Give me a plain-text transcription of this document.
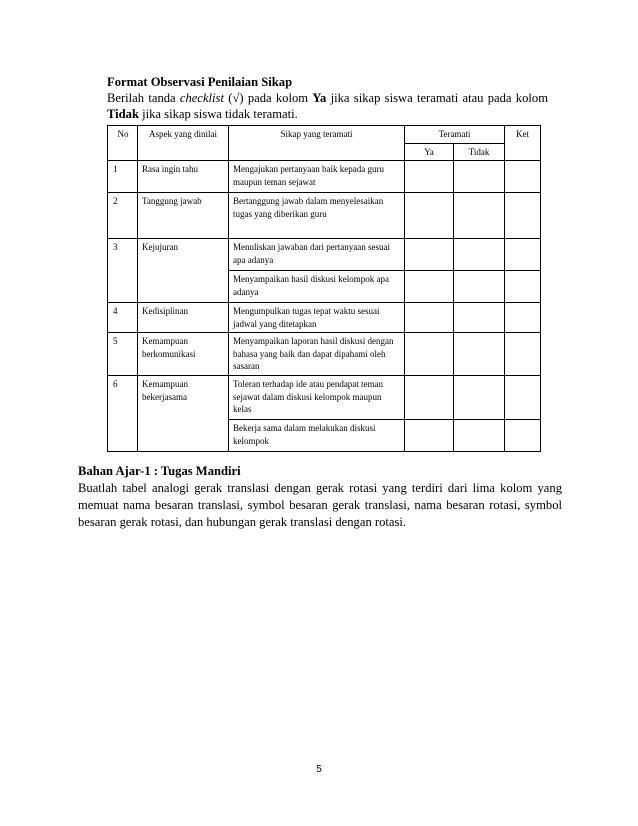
Format Observasi Penilaian Sikap
Berilah tanda checklist (√) pada kolom Ya jika sikap siswa teramati atau pada kolom
Tidak jika sikap siswa tidak teramati.
No	Aspek yang dinilai	Sikap yang teramati	Teramati		Ket
			Ya	Tidak	
1	Rasa ingin tahu	Mengajukan pertanyaan baik kepada guru maupun teman sejawat			
2	Tanggung jawab	Bertanggung jawab dalam menyelesaikan tugas yang diberikan guru			
3	Kejujuran	Menuliskan jawaban dari pertanyaan sesuai apa adanya			
		Menyampaikan hasil diskusi kelompok apa adanya			
4	Kedisiplinan	Mengumpulkan tugas tepat waktu sesuai jadwal yang ditetapkan			
5	Kemampuan berkomunikasi	Menyampaikan laporan hasil diskusi dengan bahasa yang baik dan dapat dipahami oleh sasaran			
6	Kemampuan bekerjasama	Toleran terhadap ide atau pendapat teman sejawat dalam diskusi kelompok maupun kelas			
		Bekerja sama dalam melakukan diskusi kelompok			
Bahan Ajar-1 : Tugas Mandiri
Buatlah tabel analogi gerak translasi dengan gerak rotasi yang terdiri dari lima kolom yang
memuat nama besaran translasi, symbol besaran gerak translasi, nama besaran rotasi, symbol
besaran gerak rotasi, dan hubungan gerak translasi dengan rotasi.
5
